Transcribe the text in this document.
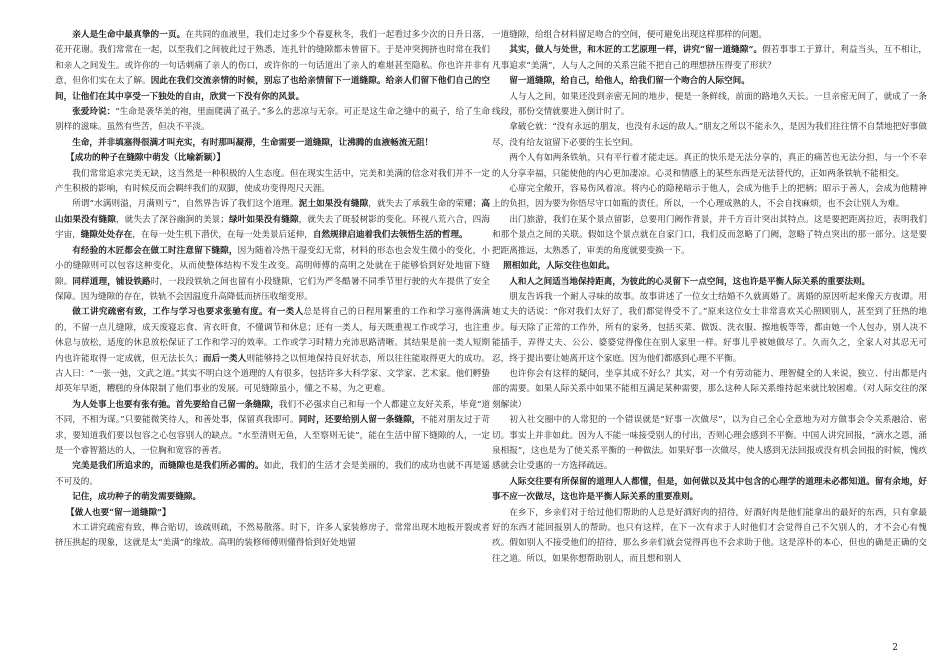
亲人是生命中最真挚的一页。在共同的血液里，我们走过多少个春夏秋冬，我们一起看过多少次的日升日落，花开花谢。我们常常在一起，以至我们之间彼此过于熟悉，连扎针的缝隙都未曾留下。于是冲突拥挤也时常在我们和亲人之间发生。或许你的一句话刺痛了亲人的伤口，或许你的一句话道出了亲人的难堪甚至隐私。你也许并非有意，但你们实在太了解。因此在我们交流亲情的时候，别忘了也给亲情留下一道缝隙。给亲人们留下他们自己的空间，让他们在其中享受一下独处的自由，欣赏一下没有你的风景。

张爱玲说：“生命是袭华美的袍，里面爬满了虱子。”多么的悲凉与无奈。可正是这生命之缝中的虱子，给了生命别样的滋味。虽然有些苦，但决不平淡。

生命，并非填塞得很满才叫充实，有时那叫凝滞，生命需要一道缝隙，让沸腾的血液畅流无阻！

【成功的种子在缝隙中萌发（比喻新颖）】

我们常常追求完美无缺，这当然是一种积极的人生态度。但在现实生活中，完美和美满的信念对我们并不一定产生积极的影响，有时候反而会羁绊我们的双脚，使成功变得咫尺天涯。

所谓“水满则溢，月满则亏”，自然界告诉了我们这个道理。泥土如果没有缝隙，就失去了承载生命的荣耀；高山如果没有缝隙，就失去了深谷幽涧的美景；绿叶如果没有缝隙，就失去了斑驳树影的变化。环视八荒六合，四海宇宙，缝隙处处存在，在每一处生机下潜伏，在每一处美景后延伸，自然规律启迪着我们去领悟生活的哲理。

有经验的木匠都会在做工时注意留下缝隙，因为随着冷热干湿变幻无常，材料的形态也会发生微小的变化，小小的缝隙则可以包容这种变化，从而使整体结构不发生改变。高明师傅的高明之处就在于能够恰到好处地留下缝隙。同样道理，铺设铁路时，一段段铁轨之间也留有小段缝隙，它们为严冬酷暑不同季节里行驶的火车提供了安全保障。因为缝隙的存在，铁轨不会因温度升高降低而挤压收缩变形。

做工讲究疏密有致，工作与学习也要求张驰有度。有一类人总是将自己的日程用繁重的工作和学习塞得满满的，不留一点儿缝隙，成天废寝忘食、宵衣旰食，不懂调节和休息；还有一类人，每天既重视工作或学习，也注重休息与放松，适度的休息放松保证了工作和学习的效率。工作或学习时精力充沛思路清晰。其结果是前一类人短期内也许能取得一定成就，但无法长久；而后一类人则能够持之以恒地保持良好状态，所以往往能取得更大的成功。古人曰：“一张一弛，文武之道。”其实不明白这个道理的人有很多，包括许多大科学家、文学家、艺术家。他们孵蛰却英年早逝，糟糕的身体限制了他们事业的发展。可见缝隙虽小，懂之不易，为之更难。

为人处事上也要有张有弛。首先要给自己留一条缝隙，我们不必强求自己和每一个人都建立友好关系，毕竟“道不同，不相为谋。”只要能微笑待人，和善处事，保留真我即可。同时，还要给别人留一条缝隙，不能对朋友过于苛求，要知道我们要以包容之心包容别人的缺点。“水至清则无鱼，人至察则无徒”，能在生活中留下缝隙的人，一定是一个睿智豁达的人，一位胸和宽容的善者。

完美是我们所追求的，而缝隙也是我们所必需的。如此，我们的生活才会是美丽的，我们的成功也就不再是遥不可及的。

记住，成功种子的萌发需要缝隙。

【做人也要“留一道缝隙”】

木工讲究疏密有致，榫合贴切，该疏则疏，不然易散落。时下，许多人家装修房子，常常出现木地板开裂或者挤压拱起的现象，这就是太“美满”的缘故。高明的装修师傅则懂得恰到好处地留

一道缝隙，给组合材料留足吻合的空间，便可避免出现这样那样的问题。

其实，做人与处世，和木匠的工艺原理一样，讲究“留一道缝隙”。假若事事工于算计，利益当头，互不相让，凡事追求“美满”，人与人之间的关系岂能不把自己的理想挤压得变了形状？

留一道缝隙，给自己，给他人，给我们留一个吻合的人际空间。

人与人之间，如果还没到亲密无间的地步，便是一条鲜线，前面的路地久天长。一旦亲密无间了，就成了一条线段，那份交情就要进入倒计时了。

拿破仑就：“没有永远的朋友，也没有永远的敌人。”朋友之所以不能永久，是因为我们往往情不自禁地把好事做尽，没有给友谊留下必要的生长空间。

两个人有如两条铁轨，只有平行着才能走远。真正的快乐是无法分享的，真正的痛苦也无法分担，与一个不幸的人分享幸福，只能使他的内心更加凄凉。心灵和情感上的某些东西是无法替代的，正如两条铁轨不能相交。

心扉完全敞开，容易伤风着凉。将内心的隐秘暗示于他人，会成为他手上的把柄；昭示于善人，会成为他精神上的负担，因为要为你悟尽守口如瓶的责任。所以，一个心理成熟的人，不会自找麻烦，也不会让别人为难。

出门旅游，我们在某个景点留影，总要用门阙作背景，并千方百计突出其特点。这是要把距离拉近，表明我们和那个景点之间的关联。假如这个景点就在自家门口，我们反而忽略了门阙，忽略了特点突出的那一部分。这是要把距离推远，太熟悉了，审美的角度就要变换一下。

照相如此，人际交往也如此。

人和人之间适当地保持距离，为彼此的心灵留下一点空间，这也许是平衡人际关系的重要法则。

朋友告诉我一个耐人寻味的故事。故事讲述了一位女士结婚不久就离婚了。离婚的原因听起来像天方夜谭。用她丈夫的话说：“你对我们太好了，我们都觉得受不了。”原来这位女士非常喜欢关心照顾别人，甚至到了狂热的地步。每天除了正常的工作外，所有的家务，包括买菜、做饭、洗衣服、擦地板等等，都由她一个人包办，别人决不能插手，弄得丈夫、公公、婆婆觉得像住在别人家里一样。好事儿乎被她做尽了。久而久之，全家人对其忍无可忍，终于提出要让她离开这个家庭。因为他们都感到心理不平衡。

也许你会有这样的疑问，坐享其成不好么？其实，对一个有劳动能力、理智健全的人来说，独立、付出都是内部的需要。如果人际关系中如果不能相互满足某种需要，那么这种人际关系维持起来就比较困难。（对人际交往的深刻解读）

初入社交圈中的人常犯的一个错误就是“好事一次做尽”，以为自己全心全意地为对方做事会令关系融洽、密切。事实上并非如此。因为人不能一味接受别人的付出，否则心理会感到不平衡。中国人讲究回报，“滴水之恩，涌泉相报”，这也是为了使关系平衡的一种做法。如果好事一次做尽，使人感到无法回报或没有机会回报的时候，愧疚感就会让受惠的一方选择疏远。

人际交往要有所保留的道理人人都懂，但是，如何做以及其中包含的心理学的道理未必都知道。留有余地，好事不应一次做尽，这也许是平衡人际关系的重要准则。

在乡下，乡亲们对于给过他们帮助的人总是好酒好肉的招待，好酒好肉是他们能拿出的最好的东西，只有拿最好的东西才能回报别人的帮助。也只有这样，在下一次有求于人时他们才会觉得自己不欠别人的，才不会心有愧疚。假如别人不接受他们的招待，那么乡亲们就会觉得再也不会求助于他。这是淳朴的本心，但也的确是正确的交往之道。所以，如果你想帮助别人，而且想和别人

2
